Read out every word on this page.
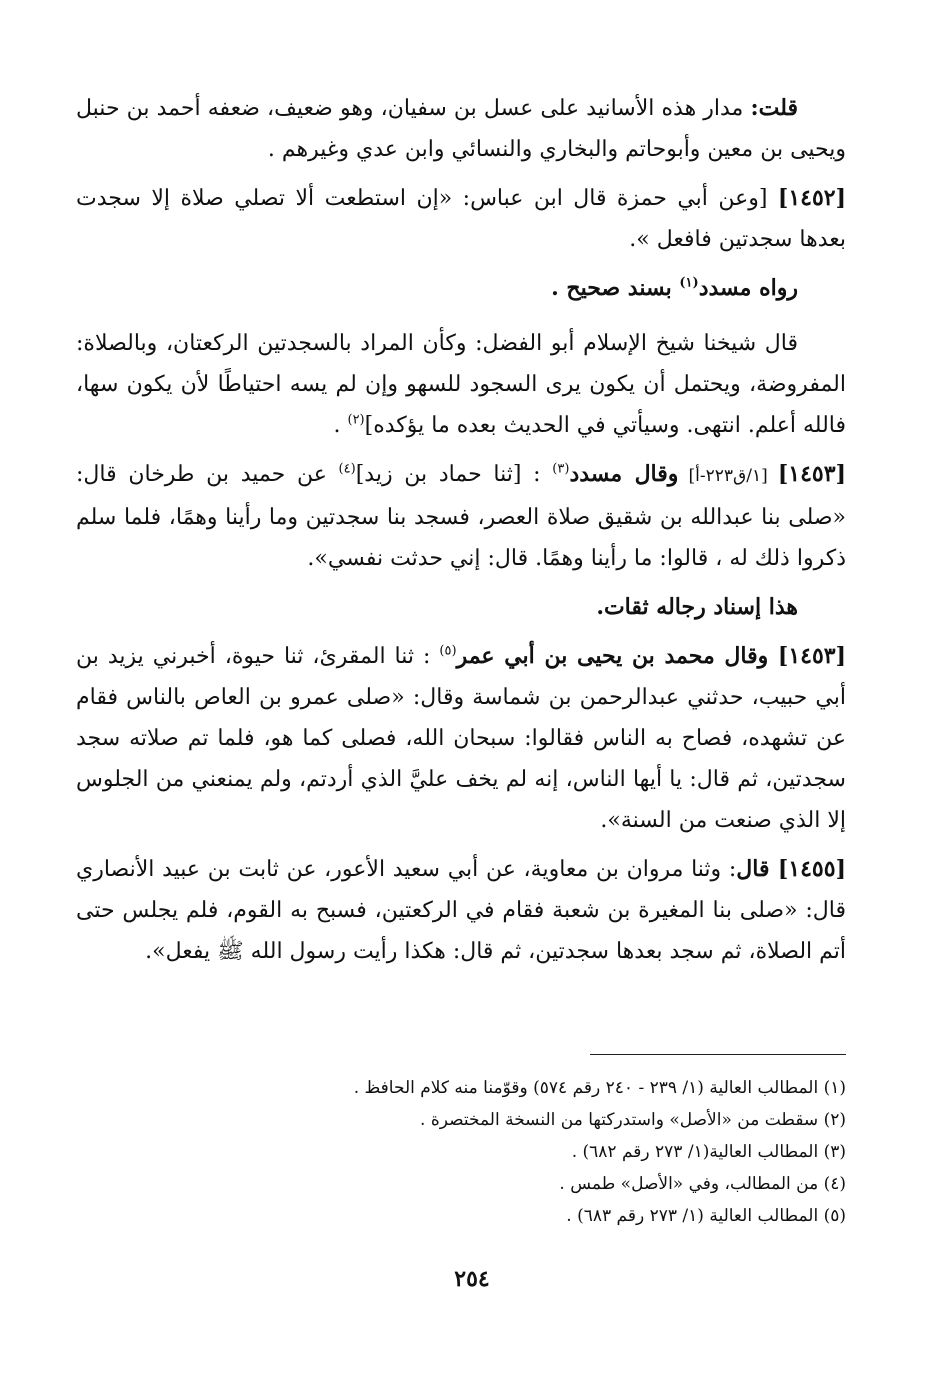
قلت: مدار هذه الأسانيد على عسل بن سفيان، وهو ضعيف، ضعفه أحمد بن حنبل ويحيى بن معين وأبوحاتم والبخاري والنسائي وابن عدي وغيرهم .

[١٤٥٢] [وعن أبي حمزة قال ابن عباس: «إن استطعت ألا تصلي صلاة إلا سجدت بعدها سجدتين فافعل ».

رواه مسدد$^{(١)}$ بسند صحيح .

قال شيخنا شيخ الإسلام أبو الفضل: وكأن المراد بالسجدتين الركعتان، وبالصلاة: المفروضة، ويحتمل أن يكون يرى السجود للسهو وإن لم يسه احتياطًا لأن يكون سها، فالله أعلم. انتهى. وسيأتي في الحديث بعده ما يؤكده]$^{(٢)}$ .

[١٤٥٣] [١/ق٢٢٣-أ] وقال مسدد$^{(٣)}$ : [ثنا حماد بن زيد]$^{(٤)}$ عن حميد بن طرخان قال: «صلى بنا عبدالله بن شقيق صلاة العصر، فسجد بنا سجدتين وما رأينا وهمًا، فلما سلم ذكروا ذلك له ، قالوا: ما رأينا وهمًا. قال: إني حدثت نفسي».

هذا إسناد رجاله ثقات.

[١٤٥٣] وقال محمد بن يحيى بن أبي عمر$^{(٥)}$ : ثنا المقرئ، ثنا حيوة، أخبرني يزيد بن أبي حبيب، حدثني عبدالرحمن بن شماسة وقال: «صلى عمرو بن العاص بالناس فقام عن تشهده، فصاح به الناس فقالوا: سبحان الله، فصلى كما هو، فلما تم صلاته سجد سجدتين، ثم قال: يا أيها الناس، إنه لم يخف عليَّ الذي أردتم، ولم يمنعني من الجلوس إلا الذي صنعت من السنة».

[١٤٥٥] قال: وثنا مروان بن معاوية، عن أبي سعيد الأعور، عن ثابت بن عبيد الأنصاري قال: «صلى بنا المغيرة بن شعبة فقام في الركعتين، فسبح به القوم، فلم يجلس حتى أتم الصلاة، ثم سجد بعدها سجدتين، ثم قال: هكذا رأيت رسول الله ﷺ يفعل».

(١) المطالب العالية (١/ ٢٣٩ - ٢٤٠ رقم ٥٧٤) وقوّمنا منه كلام الحافظ .

(٢) سقطت من «الأصل» واستدركتها من النسخة المختصرة .

(٣) المطالب العالية(١/ ٢٧٣ رقم ٦٨٢) .

(٤) من المطالب، وفي «الأصل» طمس .

(٥) المطالب العالية (١/ ٢٧٣ رقم ٦٨٣) .

٢٥٤
